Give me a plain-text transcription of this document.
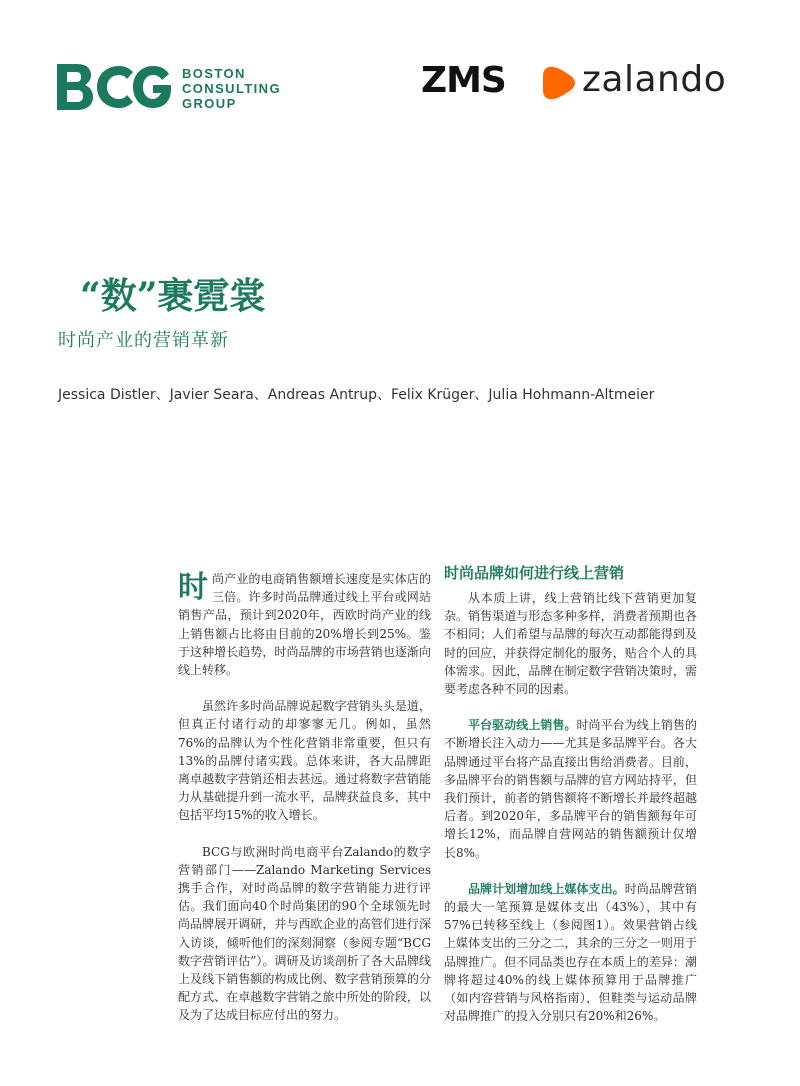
BOSTON
CONSULTING
GROUP
ZMS zalando
“数”裹霓裳
时尚产业的营销革新
Jessica Distler、Javier Seara、Andreas Antrup、Felix Krüger、Julia Hohmann-Altmeier

时尚产业的电商销售额增长速度是实体店的三倍。许多时尚品牌通过线上平台或网站销售产品，预计到2020年，西欧时尚产业的线上销售额占比将由目前的20%增长到25%。鉴于这种增长趋势，时尚品牌的市场营销也逐渐向线上转移。

虽然许多时尚品牌说起数字营销头头是道，但真正付诸行动的却寥寥无几。例如，虽然76%的品牌认为个性化营销非常重要，但只有13%的品牌付诸实践。总体来讲，各大品牌距离卓越数字营销还相去甚远。通过将数字营销能力从基础提升到一流水平，品牌获益良多，其中包括平均15%的收入增长。

BCG与欧洲时尚电商平台Zalando的数字营销部门——Zalando Marketing Services携手合作，对时尚品牌的数字营销能力进行评估。我们面向40个时尚集团的90个全球领先时尚品牌展开调研，并与西欧企业的高管们进行深入访谈，倾听他们的深刻洞察（参阅专题“BCG数字营销评估”）。调研及访谈剖析了各大品牌线上及线下销售额的构成比例、数字营销预算的分配方式、在卓越数字营销之旅中所处的阶段，以及为了达成目标应付出的努力。

时尚品牌如何进行线上营销

从本质上讲，线上营销比线下营销更加复杂。销售渠道与形态多种多样，消费者预期也各不相同；人们希望与品牌的每次互动都能得到及时的回应，并获得定制化的服务，贴合个人的具体需求。因此，品牌在制定数字营销决策时，需要考虑各种不同的因素。

平台驱动线上销售。时尚平台为线上销售的不断增长注入动力——尤其是多品牌平台。各大品牌通过平台将产品直接出售给消费者。目前，多品牌平台的销售额与品牌的官方网站持平，但我们预计，前者的销售额将不断增长并最终超越后者。到2020年，多品牌平台的销售额每年可增长12%，而品牌自营网站的销售额预计仅增长8%。

品牌计划增加线上媒体支出。时尚品牌营销的最大一笔预算是媒体支出（43%），其中有57%已转移至线上（参阅图1）。效果营销占线上媒体支出的三分之二，其余的三分之一则用于品牌推广。但不同品类也存在本质上的差异：潮牌将超过40%的线上媒体预算用于品牌推广（如内容营销与风格指南），但鞋类与运动品牌对品牌推广的投入分别只有20%和26%。
